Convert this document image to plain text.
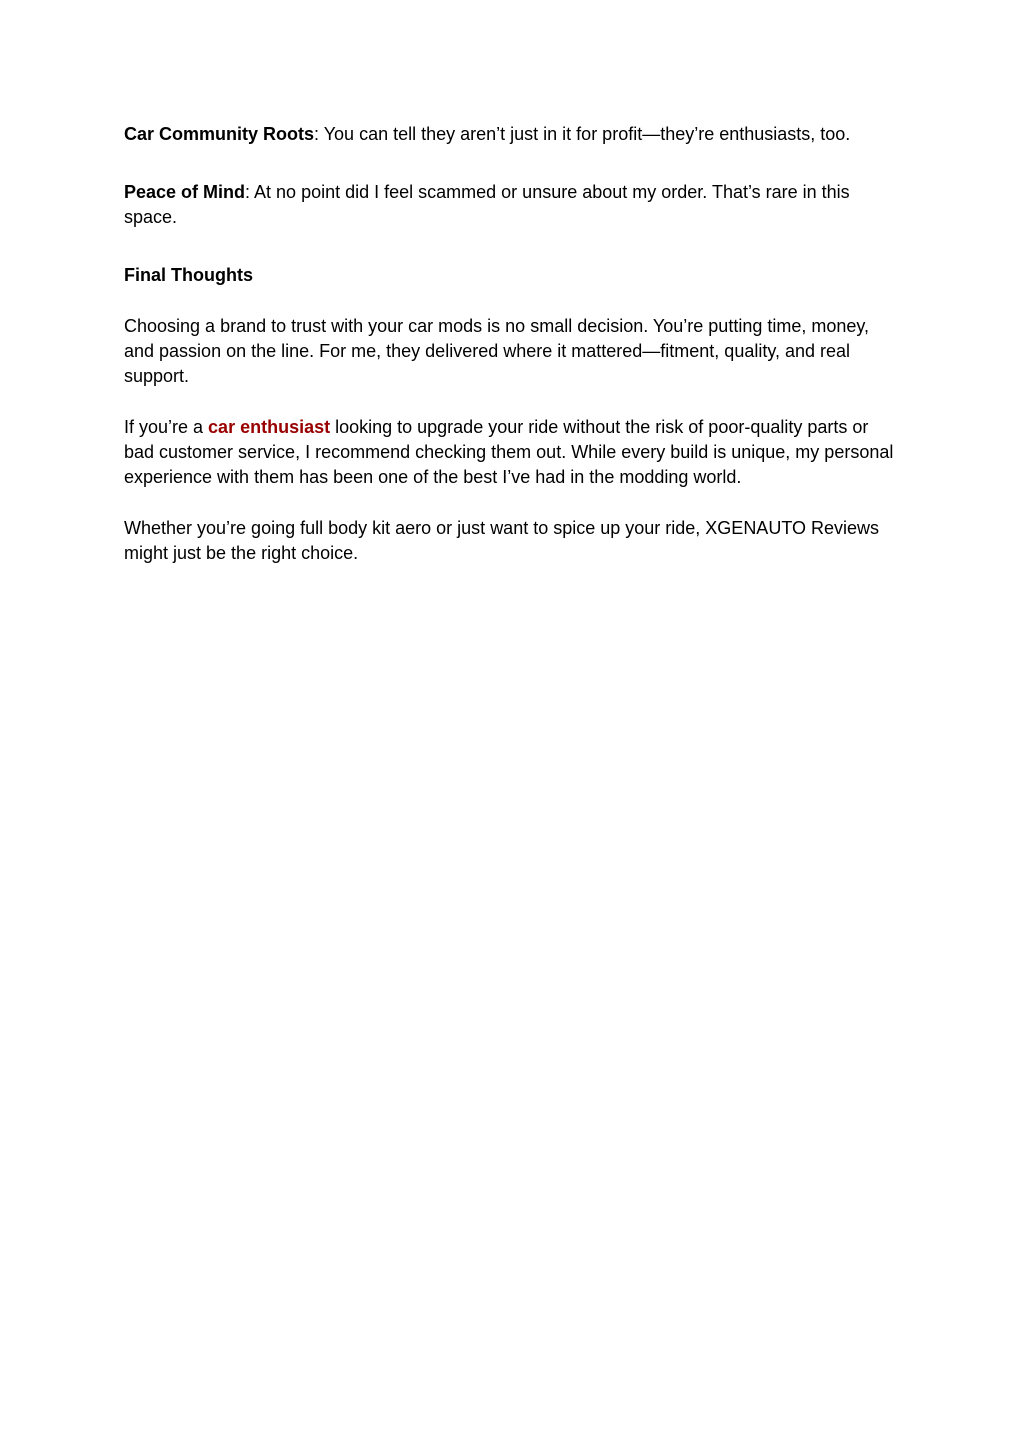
Car Community Roots: You can tell they aren’t just in it for profit—they’re enthusiasts, too.

Peace of Mind: At no point did I feel scammed or unsure about my order. That’s rare in this space.

Final Thoughts

Choosing a brand to trust with your car mods is no small decision. You’re putting time, money, and passion on the line. For me, they delivered where it mattered—fitment, quality, and real support.

If you’re a car enthusiast looking to upgrade your ride without the risk of poor-quality parts or bad customer service, I recommend checking them out. While every build is unique, my personal experience with them has been one of the best I’ve had in the modding world.

Whether you’re going full body kit aero or just want to spice up your ride, XGENAUTO Reviews might just be the right choice.
